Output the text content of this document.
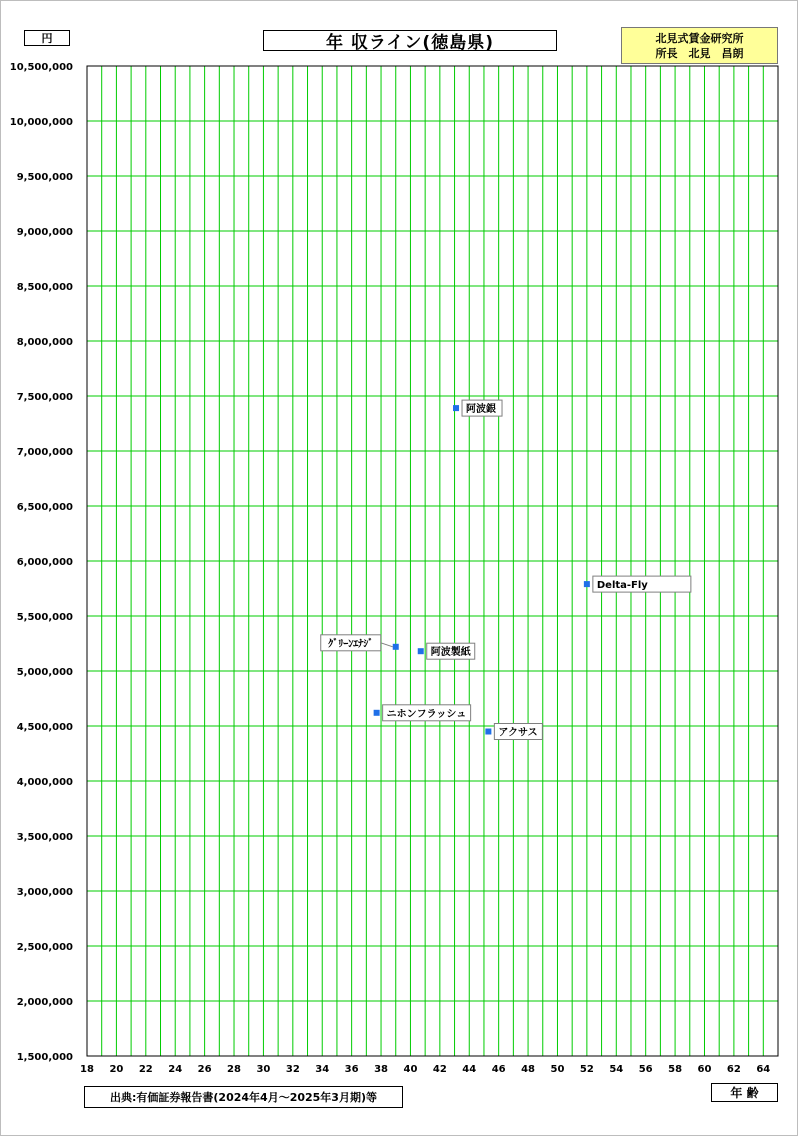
円	年 収ライン(徳島県)	北見式賃金研究所
所長　北見　昌朗
18 20 22 24 26 28 30 32 34 36 38 40 42 44 46 48 50 52 54 56 58 60 62 64
1,500,000
2,000,000
2,500,000
3,000,000
3,500,000
4,000,000
4,500,000
5,000,000
5,500,000
6,000,000
6,500,000
7,000,000
7,500,000
8,000,000
8,500,000
9,000,000
9,500,000
10,000,000
10,500,000
阿波銀
Delta-Fly
ｸﾞﾘｰﾝｴﾅｼﾞ
阿波製紙
ニホンフラッシュ
アクサス
出典:有価証券報告書(2024年4月～2025年3月期)等	年 齢
